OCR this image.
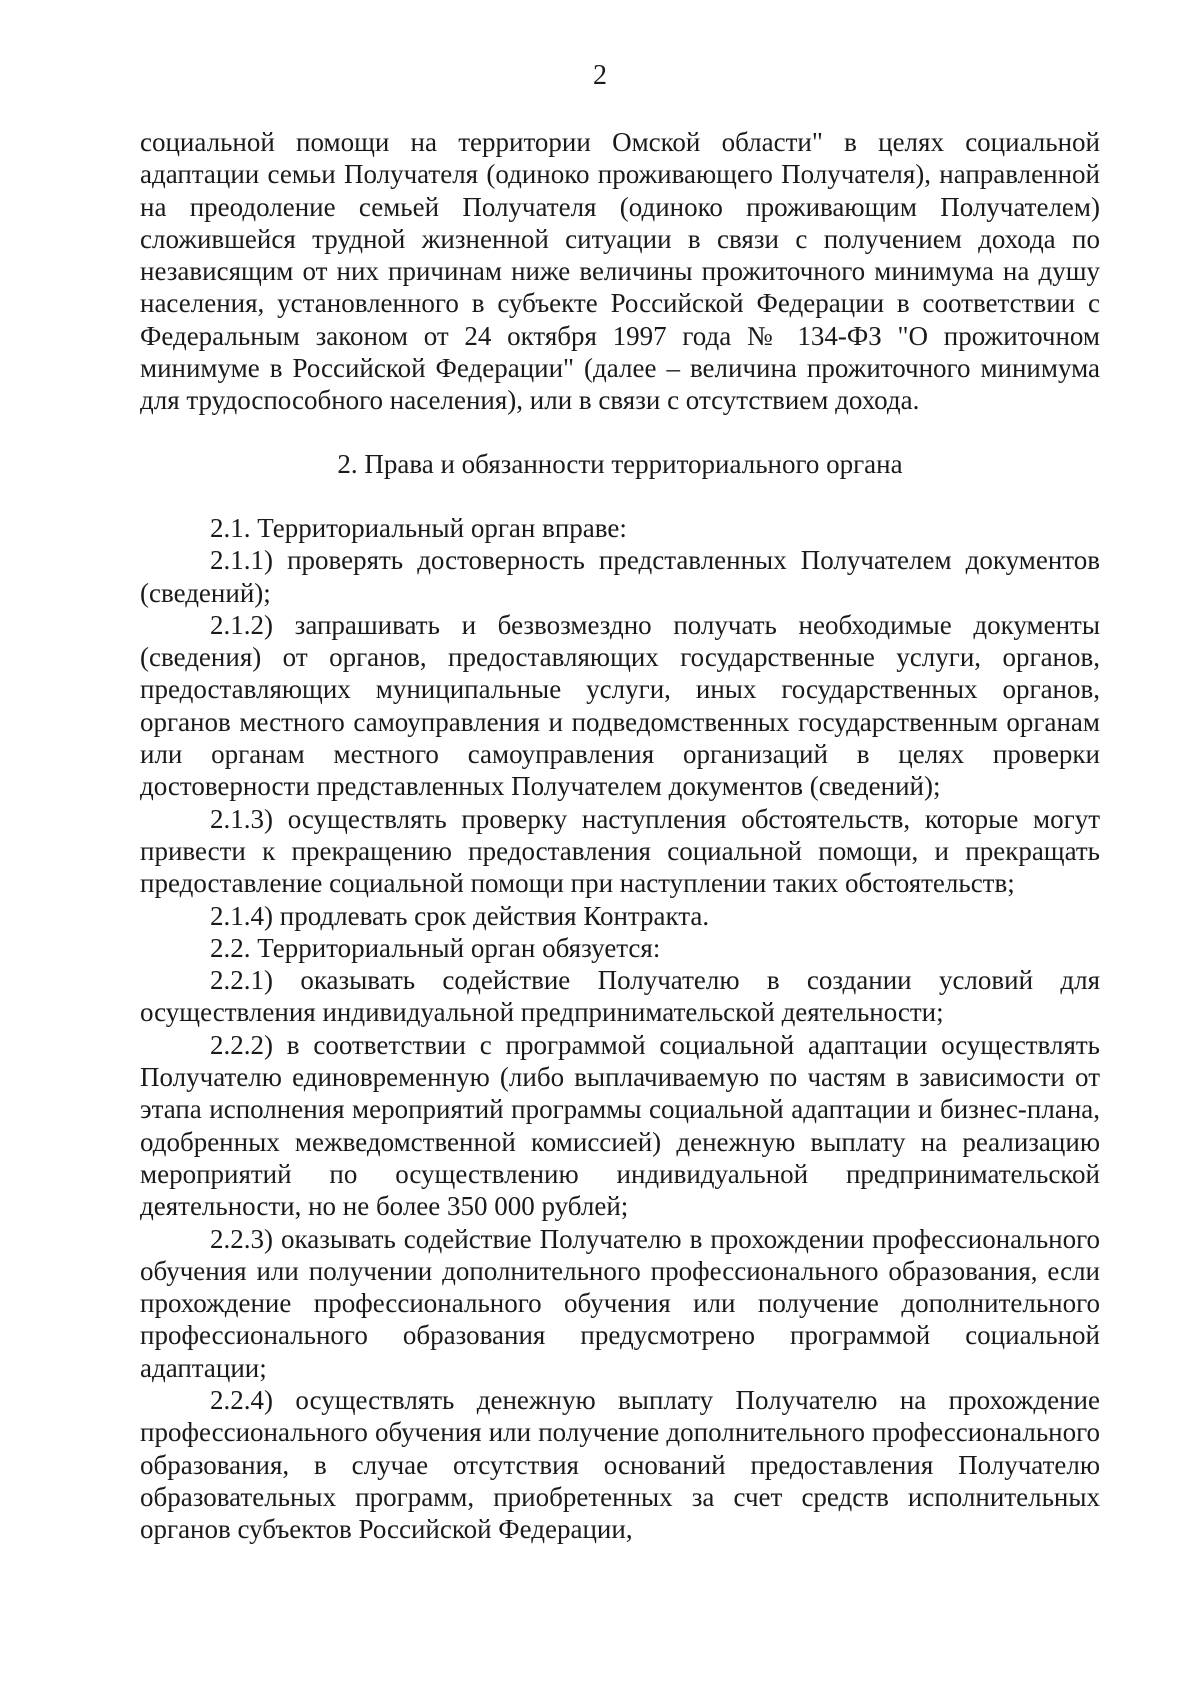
2

социальной помощи на территории Омской области" в целях социальной адаптации семьи Получателя (одиноко проживающего Получателя), направленной на преодоление семьей Получателя (одиноко проживающим Получателем) сложившейся трудной жизненной ситуации в связи с получением дохода по независящим от них причинам ниже величины прожиточного минимума на душу населения, установленного в субъекте Российской Федерации в соответствии с Федеральным законом от 24 октября 1997 года № 134-ФЗ "О прожиточном минимуме в Российской Федерации" (далее – величина прожиточного минимума для трудоспособного населения), или в связи с отсутствием дохода.

2. Права и обязанности территориального органа

2.1. Территориальный орган вправе:

2.1.1) проверять достоверность представленных Получателем документов (сведений);

2.1.2) запрашивать и безвозмездно получать необходимые документы (сведения) от органов, предоставляющих государственные услуги, органов, предоставляющих муниципальные услуги, иных государственных органов, органов местного самоуправления и подведомственных государственным органам или органам местного самоуправления организаций в целях проверки достоверности представленных Получателем документов (сведений);

2.1.3) осуществлять проверку наступления обстоятельств, которые могут привести к прекращению предоставления социальной помощи, и прекращать предоставление социальной помощи при наступлении таких обстоятельств;

2.1.4) продлевать срок действия Контракта.

2.2. Территориальный орган обязуется:

2.2.1) оказывать содействие Получателю в создании условий для осуществления индивидуальной предпринимательской деятельности;

2.2.2) в соответствии с программой социальной адаптации осуществлять Получателю единовременную (либо выплачиваемую по частям в зависимости от этапа исполнения мероприятий программы социальной адаптации и бизнес-плана, одобренных межведомственной комиссией) денежную выплату на реализацию мероприятий по осуществлению индивидуальной предпринимательской деятельности, но не более 350 000 рублей;

2.2.3) оказывать содействие Получателю в прохождении профессионального обучения или получении дополнительного профессионального образования, если прохождение профессионального обучения или получение дополнительного профессионального образования предусмотрено программой социальной адаптации;

2.2.4) осуществлять денежную выплату Получателю на прохождение профессионального обучения или получение дополнительного профессионального образования, в случае отсутствия оснований предоставления Получателю образовательных программ, приобретенных за счет средств исполнительных органов субъектов Российской Федерации,
